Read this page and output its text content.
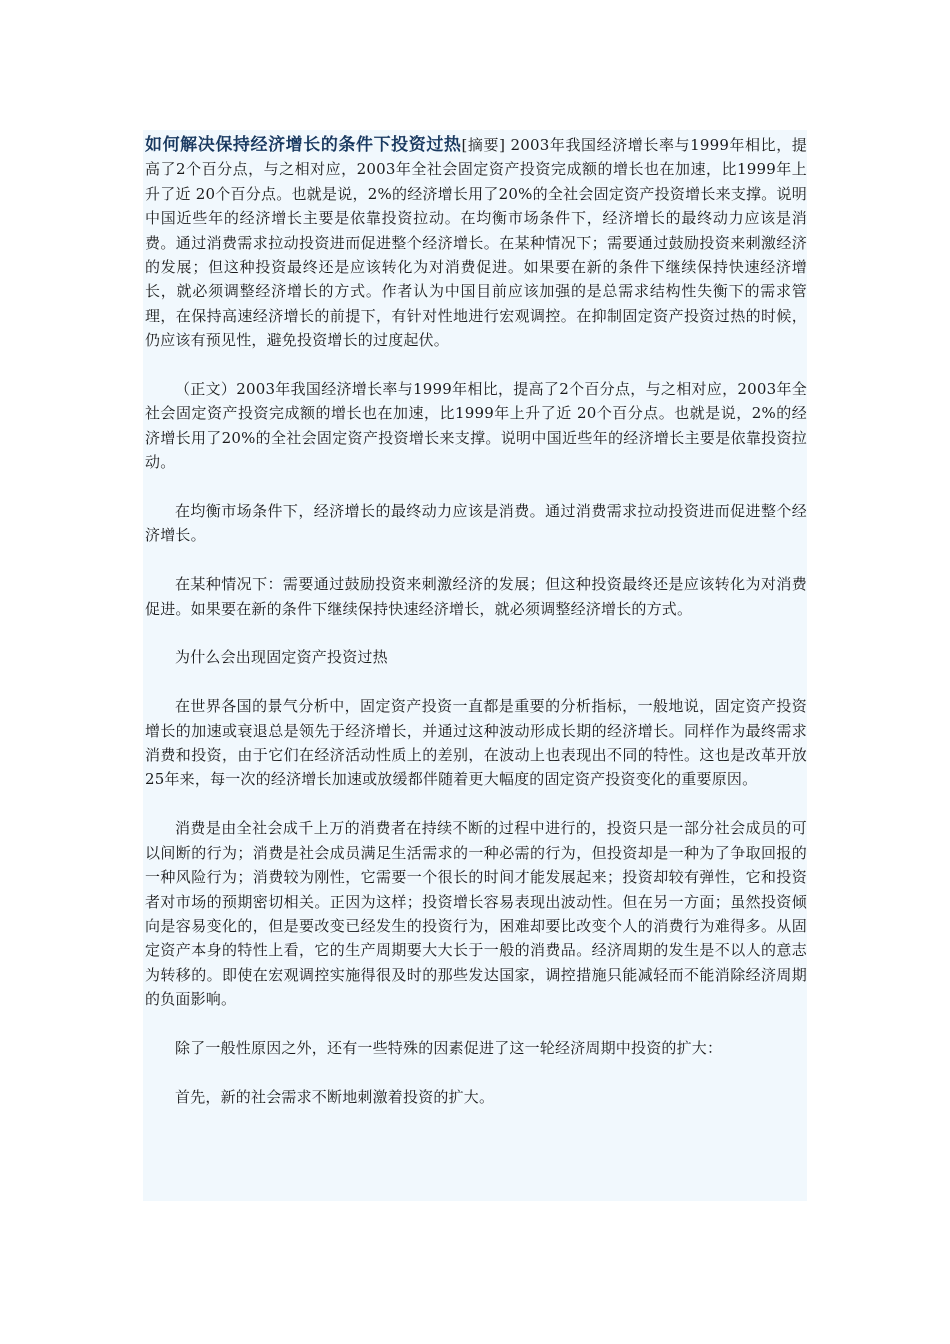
如何解决保持经济增长的条件下投资过热[摘要] 2003年我国经济增长率与1999年相比，提高了2个百分点，与之相对应，2003年全社会固定资产投资完成额的增长也在加速，比1999年上升了近 20个百分点。也就是说，2%的经济增长用了20%的全社会固定资产投资增长来支撑。说明中国近些年的经济增长主要是依靠投资拉动。在均衡市场条件下，经济增长的最终动力应该是消费。通过消费需求拉动投资进而促进整个经济增长。在某种情况下；需要通过鼓励投资来刺激经济的发展；但这种投资最终还是应该转化为对消费促进。如果要在新的条件下继续保持快速经济增长，就必须调整经济增长的方式。作者认为中国目前应该加强的是总需求结构性失衡下的需求管理，在保持高速经济增长的前提下，有针对性地进行宏观调控。在抑制固定资产投资过热的时候，仍应该有预见性，避免投资增长的过度起伏。

（正文）2003年我国经济增长率与1999年相比，提高了2个百分点，与之相对应，2003年全社会固定资产投资完成额的增长也在加速，比1999年上升了近 20个百分点。也就是说，2%的经济增长用了20%的全社会固定资产投资增长来支撑。说明中国近些年的经济增长主要是依靠投资拉动。

在均衡市场条件下，经济增长的最终动力应该是消费。通过消费需求拉动投资进而促进整个经济增长。

在某种情况下：需要通过鼓励投资来刺激经济的发展；但这种投资最终还是应该转化为对消费促进。如果要在新的条件下继续保持快速经济增长，就必须调整经济增长的方式。

为什么会出现固定资产投资过热

在世界各国的景气分析中，固定资产投资一直都是重要的分析指标，一般地说，固定资产投资增长的加速或衰退总是领先于经济增长，并通过这种波动形成长期的经济增长。同样作为最终需求消费和投资，由于它们在经济活动性质上的差别，在波动上也表现出不同的特性。这也是改革开放25年来，每一次的经济增长加速或放缓都伴随着更大幅度的固定资产投资变化的重要原因。

消费是由全社会成千上万的消费者在持续不断的过程中进行的，投资只是一部分社会成员的可以间断的行为；消费是社会成员满足生活需求的一种必需的行为，但投资却是一种为了争取回报的一种风险行为；消费较为刚性，它需要一个很长的时间才能发展起来；投资却较有弹性，它和投资者对市场的预期密切相关。正因为这样；投资增长容易表现出波动性。但在另一方面；虽然投资倾向是容易变化的，但是要改变已经发生的投资行为，困难却要比改变个人的消费行为难得多。从固定资产本身的特性上看，它的生产周期要大大长于一般的消费品。经济周期的发生是不以人的意志为转移的。即使在宏观调控实施得很及时的那些发达国家，调控措施只能减轻而不能消除经济周期的负面影响。

除了一般性原因之外，还有一些特殊的因素促进了这一轮经济周期中投资的扩大：

首先，新的社会需求不断地刺激着投资的扩大。
